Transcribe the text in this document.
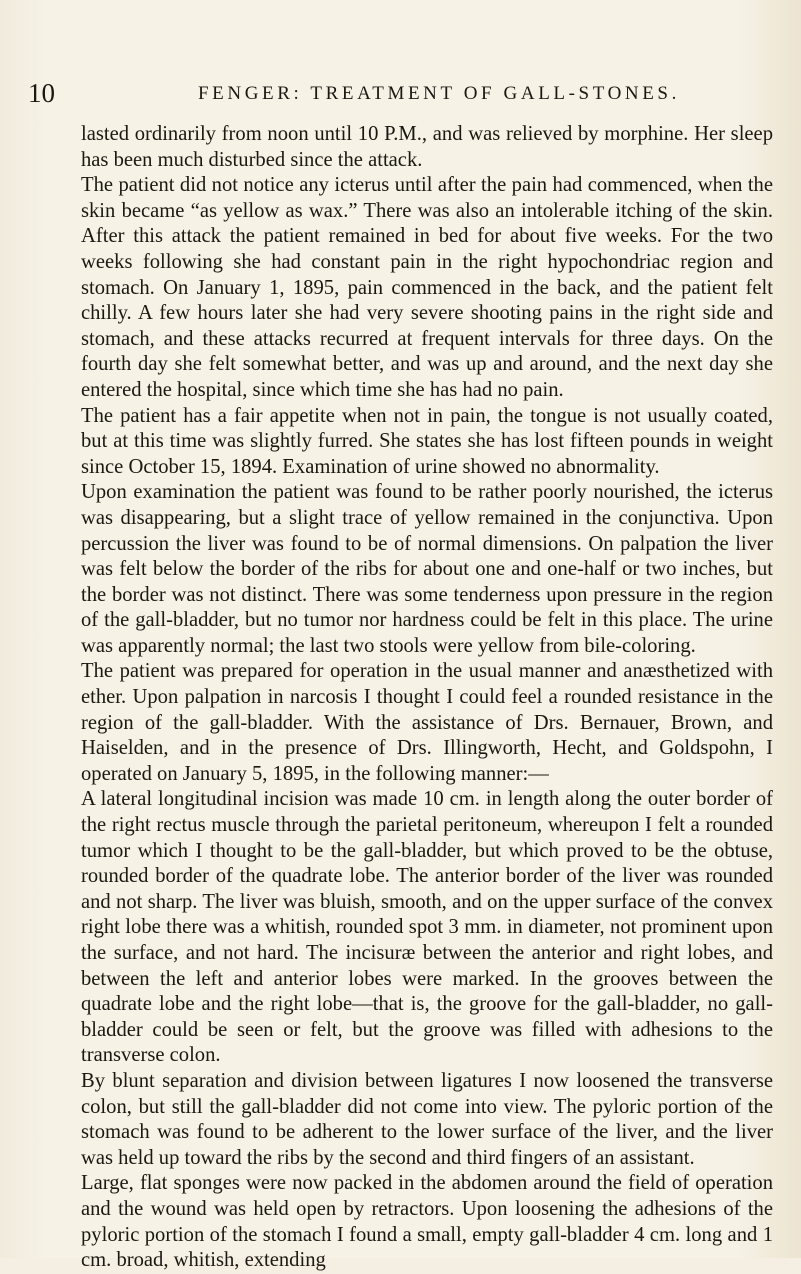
10	FENGER: TREATMENT OF GALL-STONES.

lasted ordinarily from noon until 10 P.M., and was relieved by morphine. Her sleep has been much disturbed since the attack.

The patient did not notice any icterus until after the pain had commenced, when the skin became “as yellow as wax.” There was also an intolerable itching of the skin. After this attack the patient remained in bed for about five weeks. For the two weeks following she had constant pain in the right hypochondriac region and stomach. On January 1, 1895, pain commenced in the back, and the patient felt chilly. A few hours later she had very severe shooting pains in the right side and stomach, and these attacks recurred at frequent intervals for three days. On the fourth day she felt somewhat better, and was up and around, and the next day she entered the hospital, since which time she has had no pain.

The patient has a fair appetite when not in pain, the tongue is not usually coated, but at this time was slightly furred. She states she has lost fifteen pounds in weight since October 15, 1894. Examination of urine showed no abnormality.

Upon examination the patient was found to be rather poorly nourished, the icterus was disappearing, but a slight trace of yellow remained in the conjunctiva. Upon percussion the liver was found to be of normal dimensions. On palpation the liver was felt below the border of the ribs for about one and one-half or two inches, but the border was not distinct. There was some tenderness upon pressure in the region of the gall-bladder, but no tumor nor hardness could be felt in this place. The urine was apparently normal; the last two stools were yellow from bile-coloring.

The patient was prepared for operation in the usual manner and anæsthetized with ether. Upon palpation in narcosis I thought I could feel a rounded resistance in the region of the gall-bladder. With the assistance of Drs. Bernauer, Brown, and Haiselden, and in the presence of Drs. Illingworth, Hecht, and Goldspohn, I operated on January 5, 1895, in the following manner:—

A lateral longitudinal incision was made 10 cm. in length along the outer border of the right rectus muscle through the parietal peritoneum, whereupon I felt a rounded tumor which I thought to be the gall-bladder, but which proved to be the obtuse, rounded border of the quadrate lobe. The anterior border of the liver was rounded and not sharp. The liver was bluish, smooth, and on the upper surface of the convex right lobe there was a whitish, rounded spot 3 mm. in diameter, not prominent upon the surface, and not hard. The incisuræ between the anterior and right lobes, and between the left and anterior lobes were marked. In the grooves between the quadrate lobe and the right lobe—that is, the groove for the gall-bladder, no gall-bladder could be seen or felt, but the groove was filled with adhesions to the transverse colon.

By blunt separation and division between ligatures I now loosened the transverse colon, but still the gall-bladder did not come into view. The pyloric portion of the stomach was found to be adherent to the lower surface of the liver, and the liver was held up toward the ribs by the second and third fingers of an assistant.

Large, flat sponges were now packed in the abdomen around the field of operation and the wound was held open by retractors. Upon loosening the adhesions of the pyloric portion of the stomach I found a small, empty gall-bladder 4 cm. long and 1 cm. broad, whitish, extending
